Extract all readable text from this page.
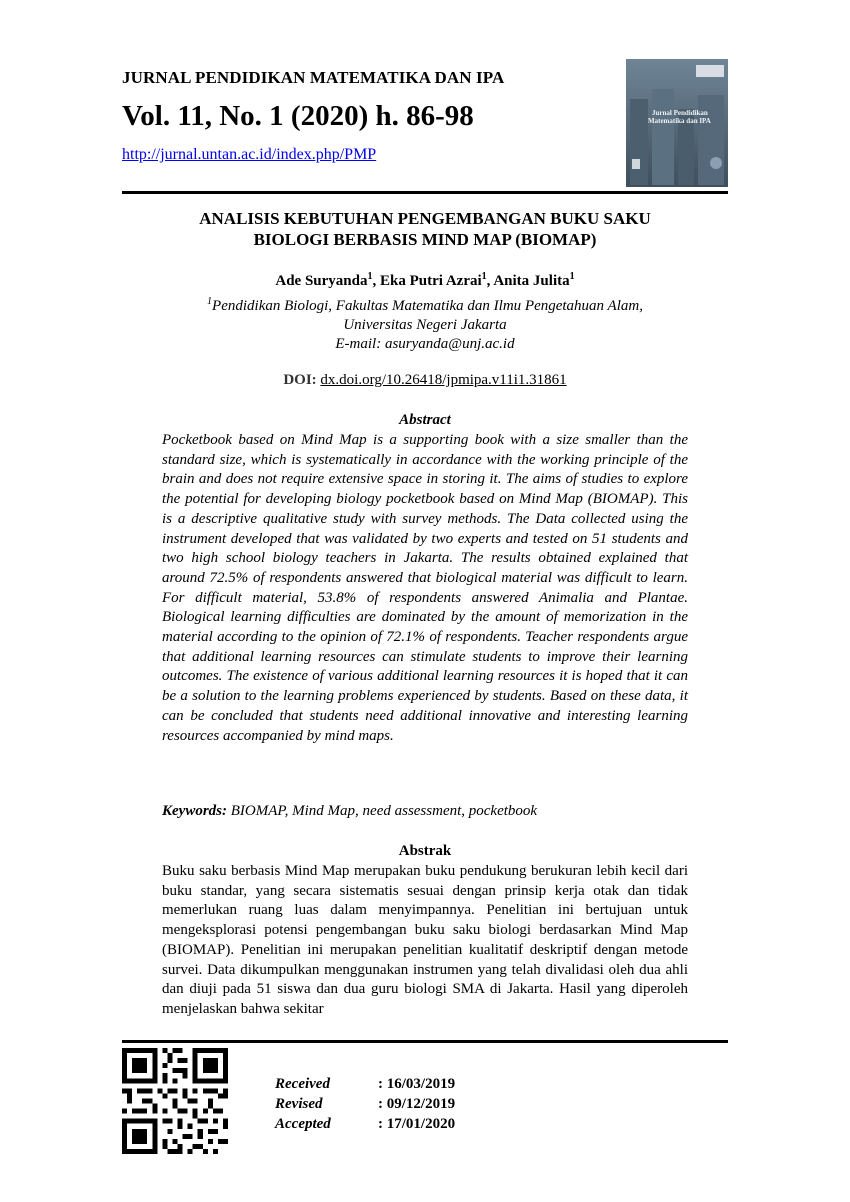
JURNAL PENDIDIKAN MATEMATIKA DAN IPA
Vol. 11, No. 1 (2020) h. 86-98
http://jurnal.untan.ac.id/index.php/PMP
Jurnal Pendidikan
Matematika dan IPA
ANALISIS KEBUTUHAN PENGEMBANGAN BUKU SAKU
BIOLOGI BERBASIS MIND MAP (BIOMAP)
Ade Suryanda$^1$, Eka Putri Azrai$^1$, Anita Julita$^1$
$^1$Pendidikan Biologi, Fakultas Matematika dan Ilmu Pengetahuan Alam,
Universitas Negeri Jakarta
E-mail: asuryanda@unj.ac.id
DOI: dx.doi.org/10.26418/jpmipa.v11i1.31861
Abstract
Pocketbook based on Mind Map is a supporting book with a size smaller than the standard size, which is systematically in accordance with the working principle of the brain and does not require extensive space in storing it. The aims of studies to explore the potential for developing biology pocketbook based on Mind Map (BIOMAP). This is a descriptive qualitative study with survey methods. The Data collected using the instrument developed that was validated by two experts and tested on 51 students and two high school biology teachers in Jakarta. The results obtained explained that around 72.5% of respondents answered that biological material was difficult to learn. For difficult material, 53.8% of respondents answered Animalia and Plantae. Biological learning difficulties are dominated by the amount of memorization in the material according to the opinion of 72.1% of respondents. Teacher respondents argue that additional learning resources can stimulate students to improve their learning outcomes. The existence of various additional learning resources it is hoped that it can be a solution to the learning problems experienced by students. Based on these data, it can be concluded that students need additional innovative and interesting learning resources accompanied by mind maps.
Keywords: BIOMAP, Mind Map, need assessment, pocketbook
Abstrak
Buku saku berbasis Mind Map merupakan buku pendukung berukuran lebih kecil dari buku standar, yang secara sistematis sesuai dengan prinsip kerja otak dan tidak memerlukan ruang luas dalam menyimpannya. Penelitian ini bertujuan untuk mengeksplorasi potensi pengembangan buku saku biologi berdasarkan Mind Map (BIOMAP). Penelitian ini merupakan penelitian kualitatif deskriptif dengan metode survei. Data dikumpulkan menggunakan instrumen yang telah divalidasi oleh dua ahli dan diuji pada 51 siswa dan dua guru biologi SMA di Jakarta. Hasil yang diperoleh menjelaskan bahwa sekitar
Received	: 16/03/2019
Revised	: 09/12/2019
Accepted	: 17/01/2020
